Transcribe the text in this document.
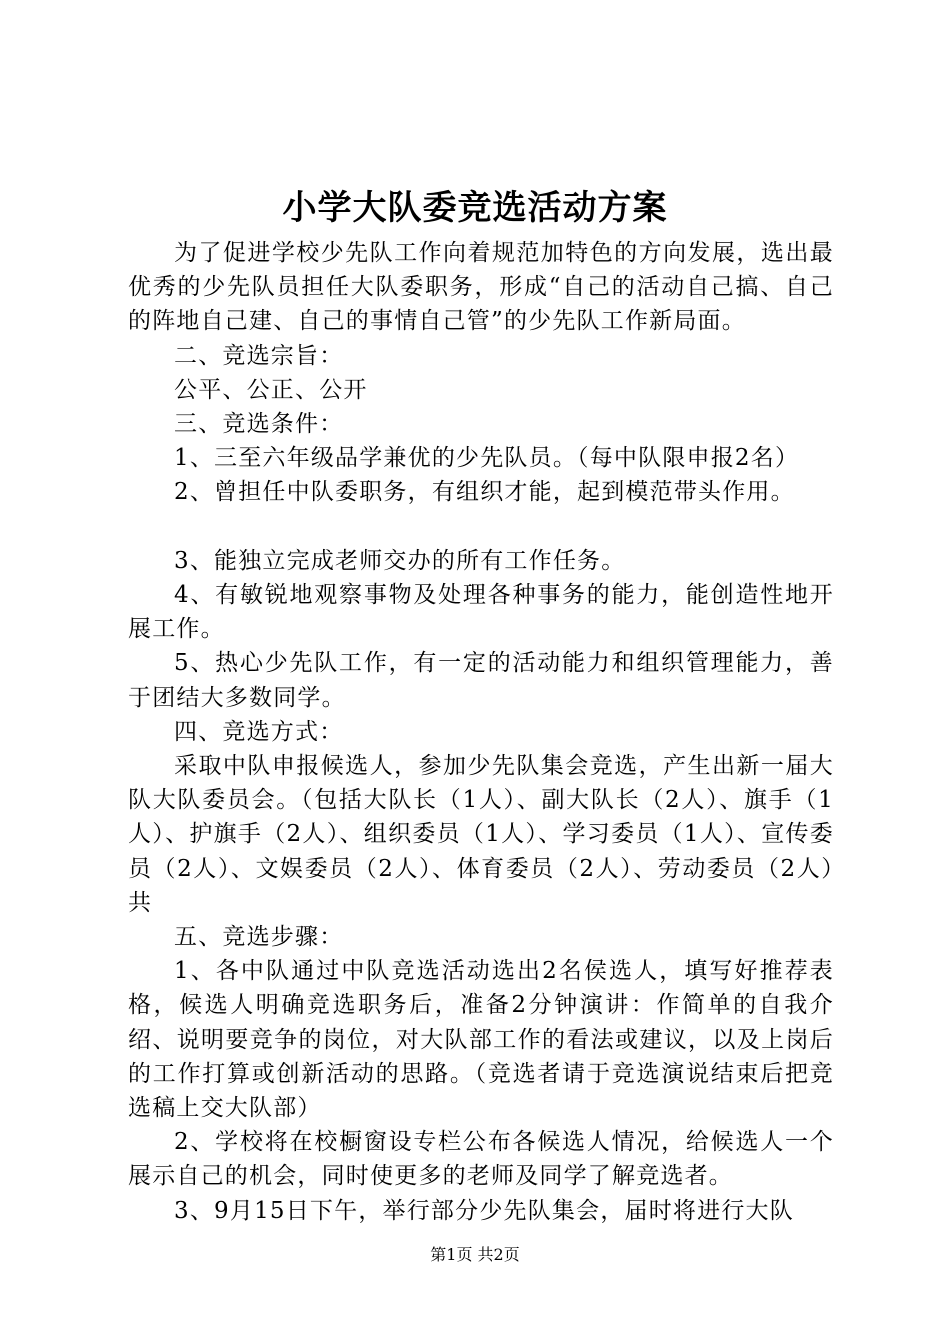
小学大队委竞选活动方案

为了促进学校少先队工作向着规范加特色的方向发展，选出最优秀的少先队员担任大队委职务，形成“自己的活动自己搞、自己的阵地自己建、自己的事情自己管”的少先队工作新局面。

二、竞选宗旨：

公平、公正、公开

三、竞选条件：

1、三至六年级品学兼优的少先队员。（每中队限申报2名）

2、曾担任中队委职务，有组织才能，起到模范带头作用。

3、能独立完成老师交办的所有工作任务。

4、有敏锐地观察事物及处理各种事务的能力，能创造性地开展工作。

5、热心少先队工作，有一定的活动能力和组织管理能力，善于团结大多数同学。

四、竞选方式：

采取中队申报候选人，参加少先队集会竞选，产生出新一届大队大队委员会。（包括大队长（1人）、副大队长（2人）、旗手（1人）、护旗手（2人）、组织委员（1人）、学习委员（1人）、宣传委员（2人）、文娱委员（2人）、体育委员（2人）、劳动委员（2人）共

五、竞选步骤：

1、各中队通过中队竞选活动选出2名侯选人，填写好推荐表格，候选人明确竞选职务后，准备2分钟演讲：作简单的自我介绍、说明要竞争的岗位，对大队部工作的看法或建议，以及上岗后的工作打算或创新活动的思路。（竞选者请于竞选演说结束后把竞选稿上交大队部）

2、学校将在校橱窗设专栏公布各候选人情况，给候选人一个展示自己的机会，同时使更多的老师及同学了解竞选者。

3、9月15日下午，举行部分少先队集会，届时将进行大队

第1页 共2页
